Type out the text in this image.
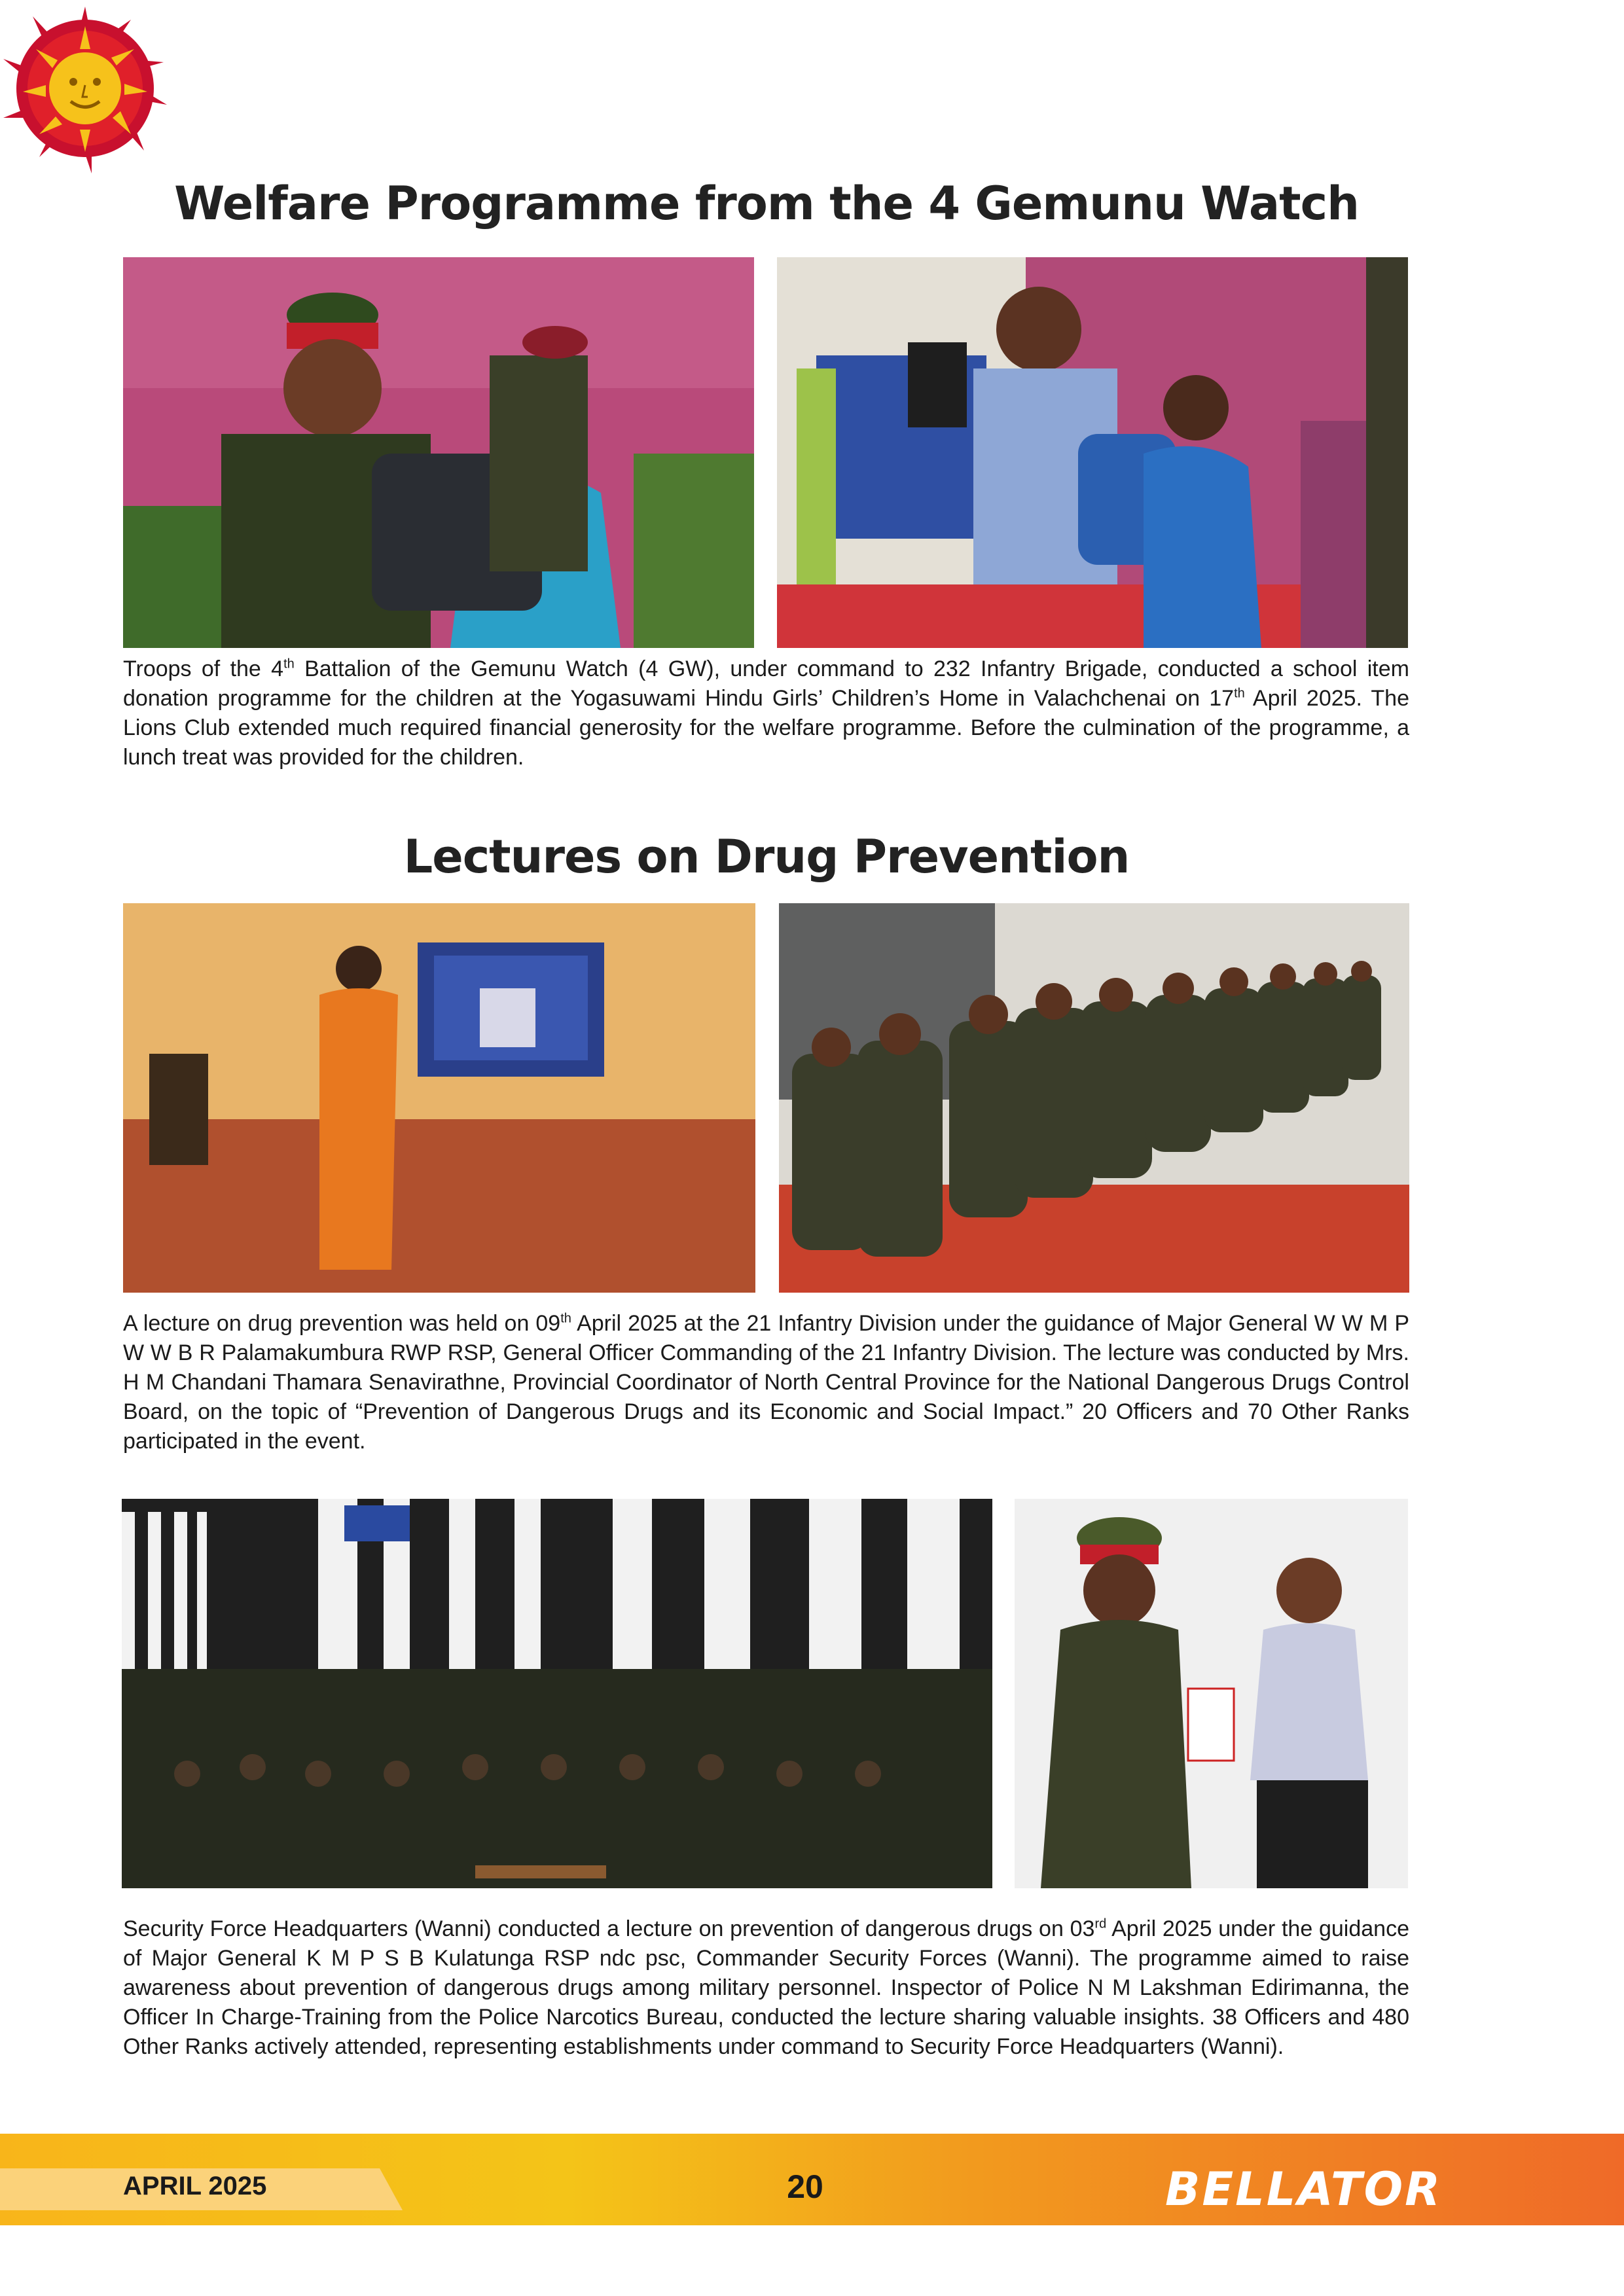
Welfare Programme from the 4 Gemunu Watch

Troops of the 4th Battalion of the Gemunu Watch (4 GW), under command to 232 Infantry Brigade, conducted a school item donation programme for the children at the Yogasuwami Hindu Girls’ Children’s Home in Valachchenai on 17th April 2025. The Lions Club extended much required financial generosity for the welfare programme. Before the culmination of the programme, a lunch treat was provided for the children.

Lectures on Drug Prevention

A lecture on drug prevention was held on 09th April 2025 at the 21 Infantry Division under the guidance of Major General W W M P W W B R Palamakumbura RWP RSP, General Officer Commanding of the 21 Infantry Division. The lecture was conducted by Mrs. H M Chandani Thamara Senavirathne, Provincial Coordinator of North Central Province for the National Dangerous Drugs Control Board, on the topic of “Prevention of Dangerous Drugs and its Economic and Social Impact.” 20 Officers and 70 Other Ranks participated in the event.

Security Force Headquarters (Wanni) conducted a lecture on prevention of dangerous drugs on 03rd April 2025 under the guidance of Major General K M P S B Kulatunga RSP ndc psc, Commander Security Forces (Wanni). The programme aimed to raise awareness about prevention of dangerous drugs among military personnel. Inspector of Police N M Lakshman Edirimanna, the Officer In Charge-Training from the Police Narcotics Bureau, conducted the lecture sharing valuable insights. 38 Officers and 480 Other Ranks actively attended, representing establishments under command to Security Force Headquarters (Wanni).

APRIL 2025	20	BELLATOR
